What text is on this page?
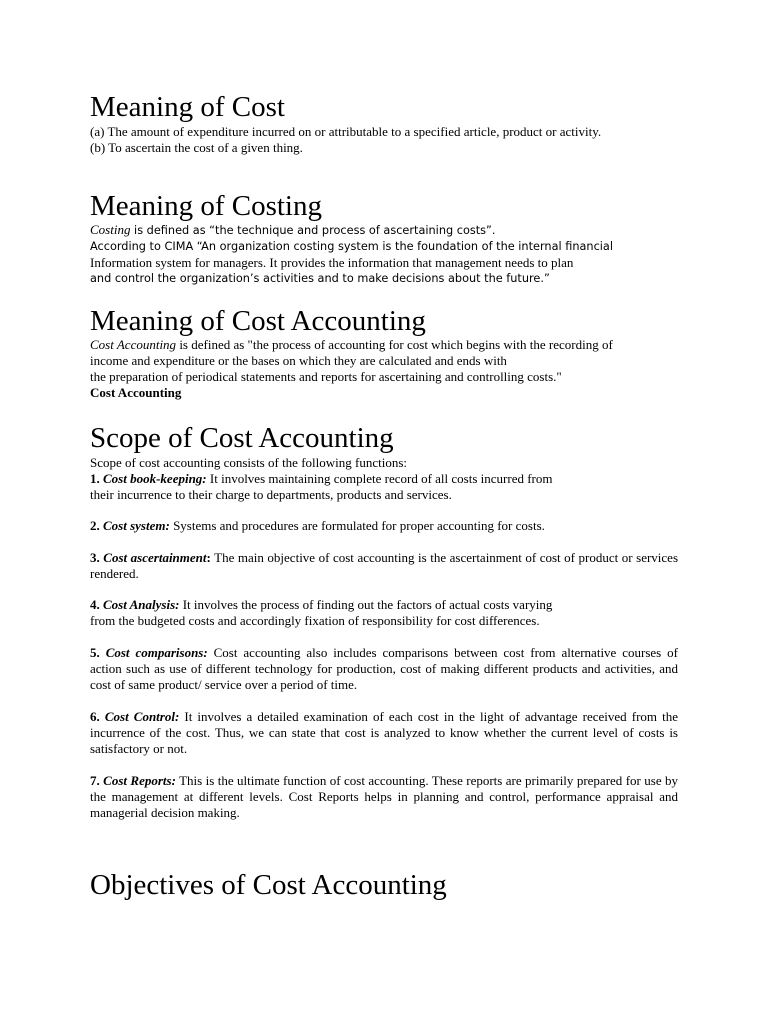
Meaning of Cost
(a) The amount of expenditure incurred on or attributable to a specified article, product or activity.
(b) To ascertain the cost of a given thing.
Meaning of Costing
Costing is defined as “the technique and process of ascertaining costs”.
According to CIMA “An organization costing system is the foundation of the internal financial
Information system for managers. It provides the information that management needs to plan
and control the organization’s activities and to make decisions about the future.”
Meaning of Cost Accounting
Cost Accounting is defined as "the process of accounting for cost which begins with the recording of
income and expenditure or the bases on which they are calculated and ends with
the preparation of periodical statements and reports for ascertaining and controlling costs."
Cost Accounting
Scope of Cost Accounting
Scope of cost accounting consists of the following functions:
1. Cost book-keeping: It involves maintaining complete record of all costs incurred from
their incurrence to their charge to departments, products and services.
2. Cost system: Systems and procedures are formulated for proper accounting for costs.
3. Cost ascertainment: The main objective of cost accounting is the ascertainment of cost of product or services rendered.
4. Cost Analysis: It involves the process of finding out the factors of actual costs varying
from the budgeted costs and accordingly fixation of responsibility for cost differences.
5. Cost comparisons: Cost accounting also includes comparisons between cost from alternative courses of action such as use of different technology for production, cost of making different products and activities, and cost of same product/ service over a period of time.
6. Cost Control: It involves a detailed examination of each cost in the light of advantage received from the incurrence of the cost. Thus, we can state that cost is analyzed to know whether the current level of costs is satisfactory or not.
7. Cost Reports: This is the ultimate function of cost accounting. These reports are primarily prepared for use by the management at different levels. Cost Reports helps in planning and control, performance appraisal and managerial decision making.
Objectives of Cost Accounting
